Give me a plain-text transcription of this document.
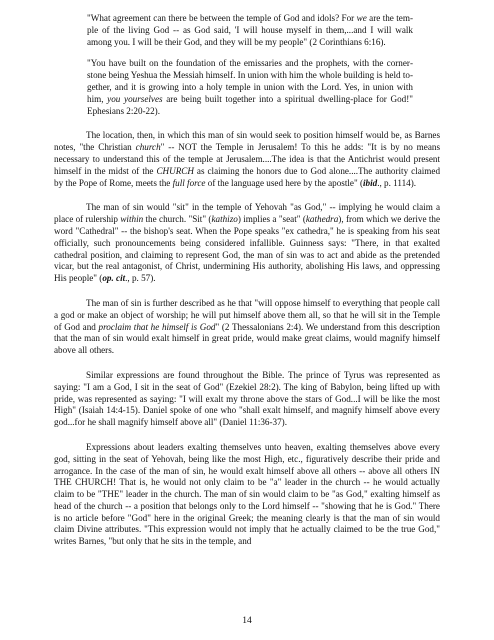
"What agreement can there be between the temple of God and idols? For we are the temple of the living God -- as God said, 'I will house myself in them,...and I will walk among you. I will be their God, and they will be my people" (2 Corinthians 6:16).

"You have built on the foundation of the emissaries and the prophets, with the cornerstone being Yeshua the Messiah himself. In union with him the whole building is held together, and it is growing into a holy temple in union with the Lord. Yes, in union with him, you yourselves are being built together into a spiritual dwelling-place for God!" Ephesians 2:20-22).

The location, then, in which this man of sin would seek to position himself would be, as Barnes notes, "the Christian church" -- NOT the Temple in Jerusalem! To this he adds: "It is by no means necessary to understand this of the temple at Jerusalem....The idea is that the Antichrist would present himself in the midst of the CHURCH as claiming the honors due to God alone....The authority claimed by the Pope of Rome, meets the full force of the language used here by the apostle" (ibid., p. 1114).

The man of sin would "sit" in the temple of Yehovah "as God," -- implying he would claim a place of rulership within the church. "Sit" (kathizo) implies a "seat" (kathedra), from which we derive the word "Cathedral" -- the bishop's seat. When the Pope speaks "ex cathedra," he is speaking from his seat officially, such pronouncements being considered infallible. Guinness says: "There, in that exalted cathedral position, and claiming to represent God, the man of sin was to act and abide as the pretended vicar, but the real antagonist, of Christ, undermining His authority, abolishing His laws, and oppressing His people" (op. cit., p. 57).

The man of sin is further described as he that "will oppose himself to everything that people call a god or make an object of worship; he will put himself above them all, so that he will sit in the Temple of God and proclaim that he himself is God" (2 Thessalonians 2:4). We understand from this description that the man of sin would exalt himself in great pride, would make great claims, would magnify himself above all others.

Similar expressions are found throughout the Bible. The prince of Tyrus was represented as saying: "I am a God, I sit in the seat of God" (Ezekiel 28:2). The king of Babylon, being lifted up with pride, was represented as saying: "I will exalt my throne above the stars of God...I will be like the most High" (Isaiah 14:4-15). Daniel spoke of one who "shall exalt himself, and magnify himself above every god...for he shall magnify himself above all" (Daniel 11:36-37).

Expressions about leaders exalting themselves unto heaven, exalting themselves above every god, sitting in the seat of Yehovah, being like the most High, etc., figuratively describe their pride and arrogance. In the case of the man of sin, he would exalt himself above all others -- above all others IN THE CHURCH! That is, he would not only claim to be "a" leader in the church -- he would actually claim to be "THE" leader in the church. The man of sin would claim to be "as God," exalting himself as head of the church -- a position that belongs only to the Lord himself -- "showing that he is God." There is no article before "God" here in the original Greek; the meaning clearly is that the man of sin would claim Divine attributes. "This expression would not imply that he actually claimed to be the true God," writes Barnes, "but only that he sits in the temple, and

14
